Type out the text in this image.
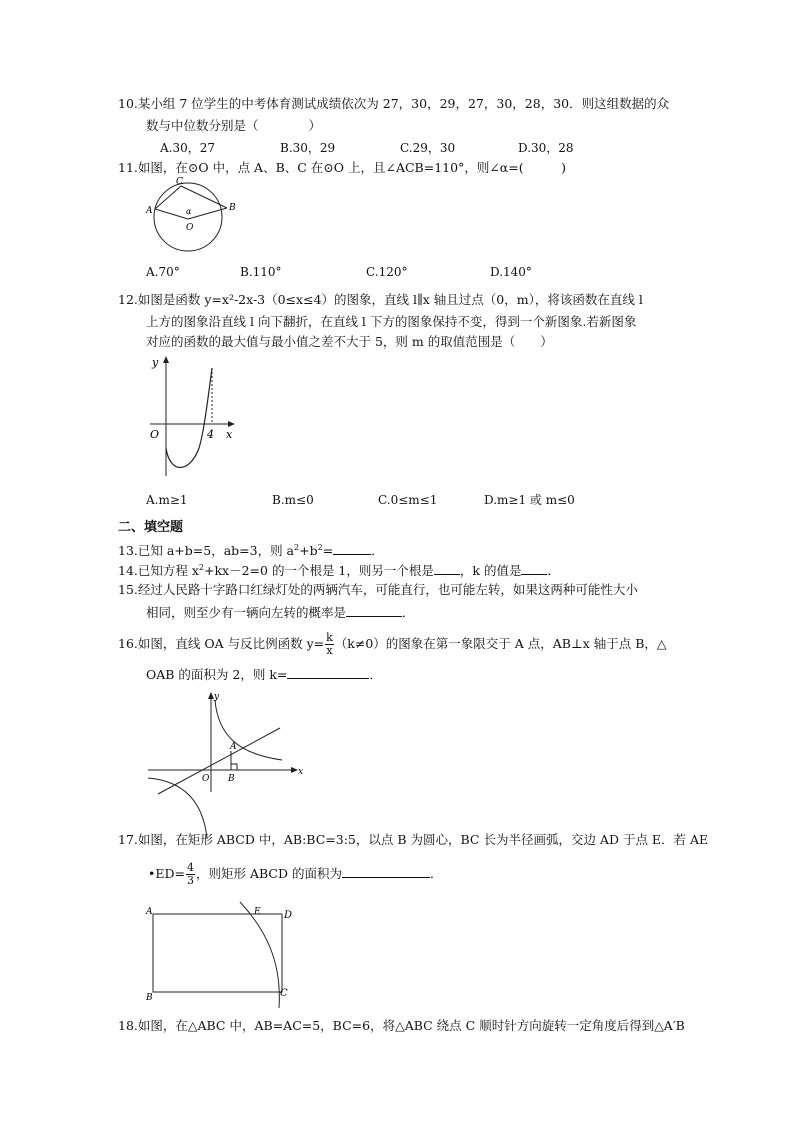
10.某小组 7 位学生的中考体育测试成绩依次为 27，30，29，27，30，28，30．则这组数据的众
数与中位数分别是（　　　　）
A.30，27	B.30，29	C.29，30	D.30，28
11.如图，在⊙O 中，点 A、B、C 在⊙O 上，且∠ACB=110°，则∠α=(　　　)
A
C
B
α
O
A.70°	B.110°	C.120°	D.140°
12.如图是函数 y=x²-2x-3（0≤x≤4）的图象，直线 l∥x 轴且过点（0，m），将该函数在直线 l
上方的图象沿直线 l 向下翻折，在直线 l 下方的图象保持不变，得到一个新图象.若新图象
对应的函数的最大值与最小值之差不大于 5，则 m 的取值范围是（　　）
y
O	4 x
A.m≥1	B.m≤0	C.0≤m≤1	D.m≥1 或 m≤0
二、填空题
13.已知 a+b=5，ab=3，则 $a^2+b^2=$	．
14.已知方程 $x^2+kx-2=0$ 的一个根是 1，则另一个根是 ，k 的值是 ．
15.经过人民路十字路口红绿灯处的两辆汽车，可能直行，也可能左转，如果这两种可能性大小
相同，则至少有一辆向左转的概率是	．
16.如图，直线 OA 与反比例函数 $y= \frac{k}{x} (k\ne 0)$的图象在第一象限交于 A 点，AB⊥x 轴于点 B，△
OAB 的面积为 2，则 k=	．
y
x
O
A
B
17.如图，在矩形 ABCD 中，AB:BC=3:5，以点 B 为圆心，BC 长为半径画弧，交边 AD 于点 E．若 AE
•ED= $\frac{4}{3}$ ，则矩形 ABCD 的面积为	．
A	E D
B	C
18.如图，在△ABC 中，AB=AC=5，BC=6，将△ABC 绕点 C 顺时针方向旋转一定角度后得到△A′B
